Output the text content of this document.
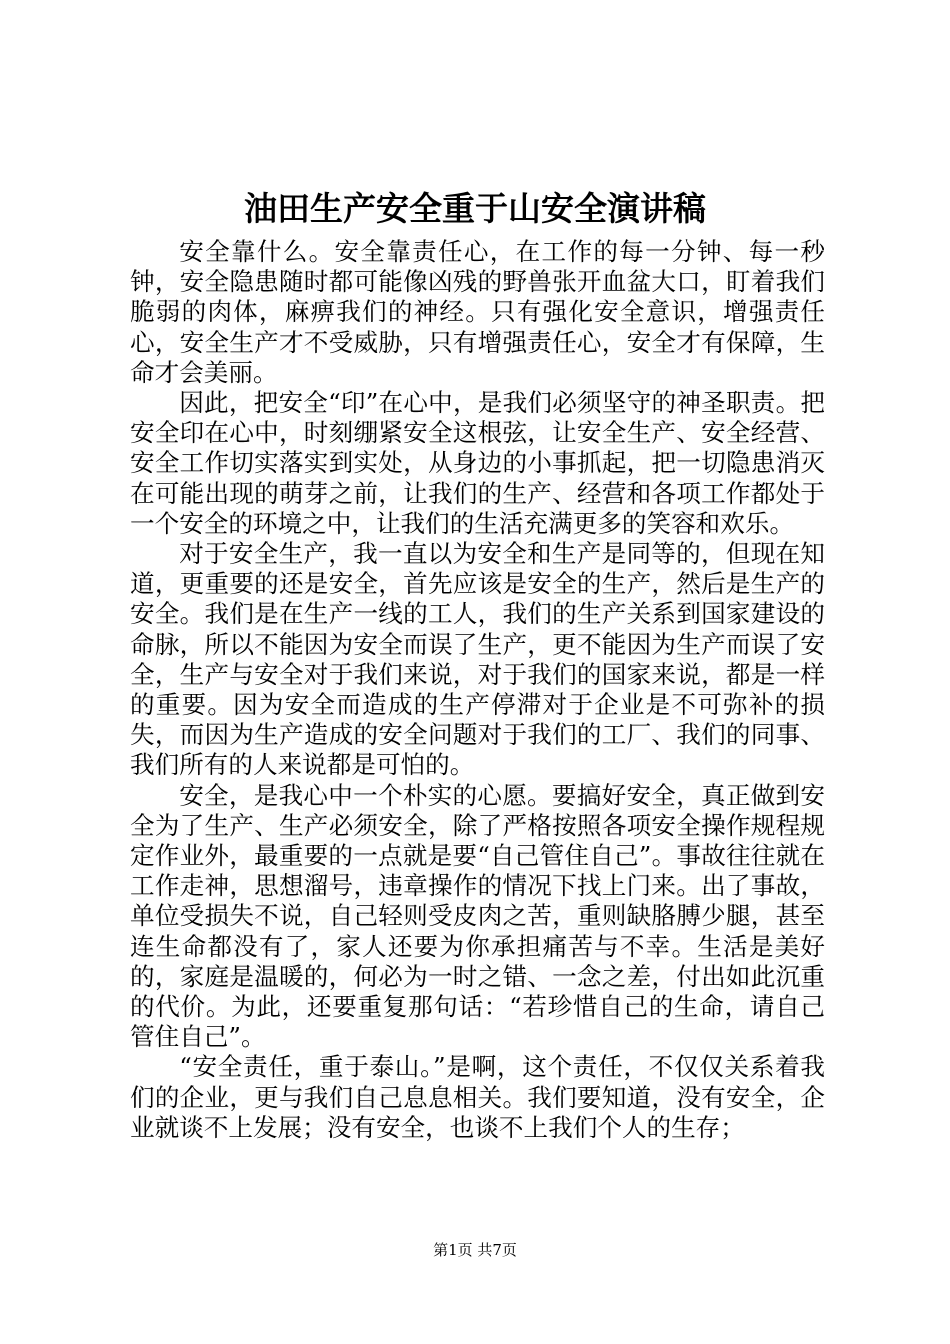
油田生产安全重于山安全演讲稿

安全靠什么。安全靠责任心，在工作的每一分钟、每一秒钟，安全隐患随时都可能像凶残的野兽张开血盆大口，盯着我们脆弱的肉体，麻痹我们的神经。只有强化安全意识，增强责任心，安全生产才不受威胁，只有增强责任心，安全才有保障，生命才会美丽。

因此，把安全“印”在心中，是我们必须坚守的神圣职责。把安全印在心中，时刻绷紧安全这根弦，让安全生产、安全经营、安全工作切实落实到实处，从身边的小事抓起，把一切隐患消灭在可能出现的萌芽之前，让我们的生产、经营和各项工作都处于一个安全的环境之中，让我们的生活充满更多的笑容和欢乐。

对于安全生产，我一直以为安全和生产是同等的，但现在知道，更重要的还是安全，首先应该是安全的生产，然后是生产的安全。我们是在生产一线的工人，我们的生产关系到国家建设的命脉，所以不能因为安全而误了生产，更不能因为生产而误了安全，生产与安全对于我们来说，对于我们的国家来说，都是一样的重要。因为安全而造成的生产停滞对于企业是不可弥补的损失，而因为生产造成的安全问题对于我们的工厂、我们的同事、我们所有的人来说都是可怕的。

安全，是我心中一个朴实的心愿。要搞好安全，真正做到安全为了生产、生产必须安全，除了严格按照各项安全操作规程规定作业外，最重要的一点就是要“自己管住自己”。事故往往就在工作走神，思想溜号，违章操作的情况下找上门来。出了事故，单位受损失不说，自己轻则受皮肉之苦，重则缺胳膊少腿，甚至连生命都没有了，家人还要为你承担痛苦与不幸。生活是美好的，家庭是温暖的，何必为一时之错、一念之差，付出如此沉重的代价。为此，还要重复那句话：“若珍惜自己的生命，请自己管住自己”。

“安全责任，重于泰山。”是啊，这个责任，不仅仅关系着我们的企业，更与我们自己息息相关。我们要知道，没有安全，企业就谈不上发展；没有安全，也谈不上我们个人的生存；

第1页 共7页
